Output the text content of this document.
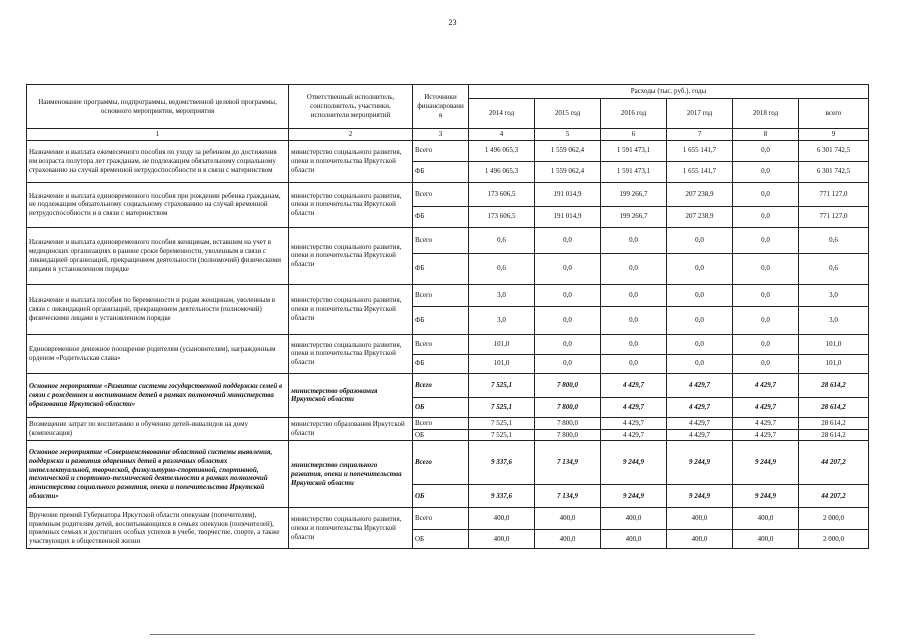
23
Наименование программы, подпрограммы, ведомственной целевой программы, основного мероприятия, мероприятия	Ответственный исполнитель, соисполнитель, участники, исполнители мероприятий	Источники финансировани я	Расходы (тыс. руб.), годы					
			2014 год	2015 год	2016 год	2017 год	2018 год	всего
1	2	3	4	5	6	7	8	9
Назначение и выплата ежемесячного пособия по уходу за ребенком до достижения им возраста полутора лет гражданам, не подлежащим обязательному социальному страхованию на случай временной нетрудоспособности и в связи с материнством	министерство социального развития, опеки и попечительства Иркутской области	Всего	1 496 065,3	1 559 062,4	1 591 473,1	1 655 141,7	0,0	6 301 742,5
		ФБ	1 496 065,3	1 559 062,4	1 591 473,1	1 655 141,7	0,0	6 301 742,5
Назначение и выплата единовременного пособия при рождении ребенка гражданам, не подлежащим обязательному социальному страхованию на случай временной нетрудоспособности и в связи с материнством	министерство социального развития, опеки и попечительства Иркутской области	Всего	173 606,5	191 014,9	199 266,7	207 238,9	0,0	771 127,0
		ФБ	173 606,5	191 014,9	199 266,7	207 238,9	0,0	771 127,0
Назначение и выплата единовременного пособия женщинам, вставшим на учет в медицинских организациях в ранние сроки беременности, уволенным в связи с ликвидацией организаций, прекращением деятельности (полномочий) физическими лицами в установленном порядке	министерство социального развития, опеки и попечительства Иркутской области	Всего	0,6	0,0	0,0	0,0	0,0	0,6
		ФБ	0,6	0,0	0,0	0,0	0,0	0,6
Назначение и выплата пособия по беременности и родам женщинам, уволенным в связи с ликвидацией организаций, прекращением деятельности (полномочий) физическими лицами в установленном порядке	министерство социального развития, опеки и попечительства Иркутской области	Всего	3,0	0,0	0,0	0,0	0,0	3,0
		ФБ	3,0	0,0	0,0	0,0	0,0	3,0
Единовременное денежное поощрение родителям (усыновителям), награжденным орденом «Родительская слава»	министерство социального развития, опеки и попечительства Иркутской области	Всего	101,0	0,0	0,0	0,0	0,0	101,0
		ФБ	101,0	0,0	0,0	0,0	0,0	101,0
Основное мероприятие «Развитие системы государственной поддержки семей в связи с рождением и воспитанием детей в рамках полномочий министерства образования Иркутской области»	министерство образования Иркутской области	Всего	7 525,1	7 800,0	4 429,7	4 429,7	4 429,7	28 614,2
		ОБ	7 525,1	7 800,0	4 429,7	4 429,7	4 429,7	28 614,2
Возмещение затрат по воспитанию и обучению детей-инвалидов на дому (компенсация)	министерство образования Иркутской области	Всего	7 525,1	7 800,0	4 429,7	4 429,7	4 429,7	28 614,2
		ОБ	7 525,1	7 800,0	4 429,7	4 429,7	4 429,7	28 614,2
Основное мероприятие «Совершенствование областной системы выявления, поддержки и развития одаренных детей в различных областях интеллектуальной, творческой, физкультурно-спортивной, спортивной, технической и спортивно-технической деятельности в рамках полномочий министерства социального развития, опеки и попечительства Иркутской области»	министерство социального развития, опеки и попечительства Иркутской области	Всего	9 337,6	7 134,9	9 244,9	9 244,9	9 244,9	44 207,2
		ОБ	9 337,6	7 134,9	9 244,9	9 244,9	9 244,9	44 207,2
Вручение премий Губернатора Иркутской области опекунам (попечителям), приемным родителям детей, воспитывающихся в семьях опекунов (попечителей), приемных семьях и достигших особых успехов в учебе, творчестве, спорте, а также участвующих в общественной жизни	министерство социального развития, опеки и попечительства Иркутской области	Всего	400,0	400,0	400,0	400,0	400,0	2 000,0
		ОБ	400,0	400,0	400,0	400,0	400,0	2 000,0
